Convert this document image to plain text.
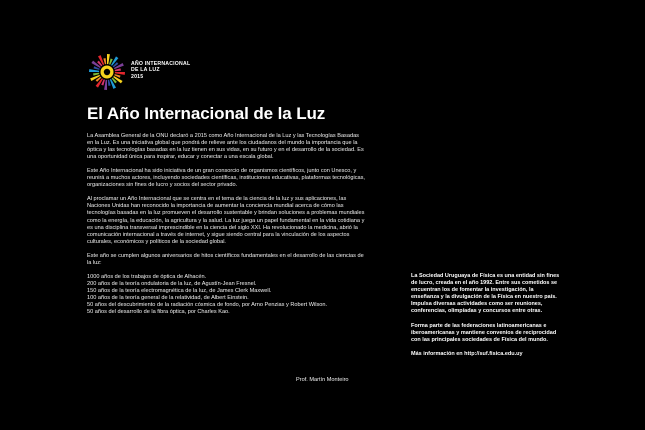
AÑO INTERNACIONAL
DE LA LUZ
2015
El Año Internacional de la Luz

La Asamblea General de la ONU declaró a 2015 como Año Internacional de la Luz y las Tecnologías Basadas en la Luz. Es una iniciativa global que pondrá de relieve ante los ciudadanos del mundo la importancia que la óptica y las tecnologías basadas en la luz tienen en sus vidas, en su futuro y en el desarrollo de la sociedad. Es una oportunidad única para inspirar, educar y conectar a una escala global.

Este Año Internacional ha sido iniciativa de un gran consorcio de organismos científicos, junto con Unesco, y reunirá a muchos actores, incluyendo sociedades científicas, instituciones educativas, plataformas tecnológicas, organizaciones sin fines de lucro y socios del sector privado.

Al proclamar un Año Internacional que se centra en el tema de la ciencia de la luz y sus aplicaciones, las Naciones Unidas han reconocido la importancia de aumentar la conciencia mundial acerca de cómo las tecnologías basadas en la luz promueven el desarrollo sustentable y brindan soluciones a problemas mundiales como la energía, la educación, la agricultura y la salud. La luz juega un papel fundamental en la vida cotidiana y es una disciplina transversal imprescindible en la ciencia del siglo XXI. Ha revolucionado la medicina, abrió la comunicación internacional a través de internet, y sigue siendo central para la vinculación de los aspectos culturales, económicos y políticos de la sociedad global.

Este año se cumplen algunos aniversarios de hitos científicos fundamentales en el desarrollo de las ciencias de la luz:

1000 años de los trabajos de óptica de Alhacén.
200 años de la teoría ondulatoria de la luz, de Agustín-Jean Fresnel.
150 años de la teoría electromagnética de la luz, de James Clerk Maxwell.
100 años de la teoría general de la relatividad, de Albert Einstein.
50 años del descubrimiento de la radiación cósmica de fondo, por Arno Penzias y Robert Wilson.
50 años del desarrollo de la fibra óptica, por Charles Kao.
Prof. Martín Monteiro

La Sociedad Uruguaya de Física es una entidad sin fines de lucro, creada en el año 1992. Entre sus cometidos se encuentran los de fomentar la investigación, la enseñanza y la divulgación de la Física en nuestro país. Impulsa diversas actividades como ser reuniones, conferencias, olimpíadas y concursos entre otras.

Forma parte de las federaciones latinoamericanas e iberoamericanas y mantiene convenios de reciprocidad con las principales sociedades de Física del mundo.

Más información en http://suf.fisica.edu.uy
